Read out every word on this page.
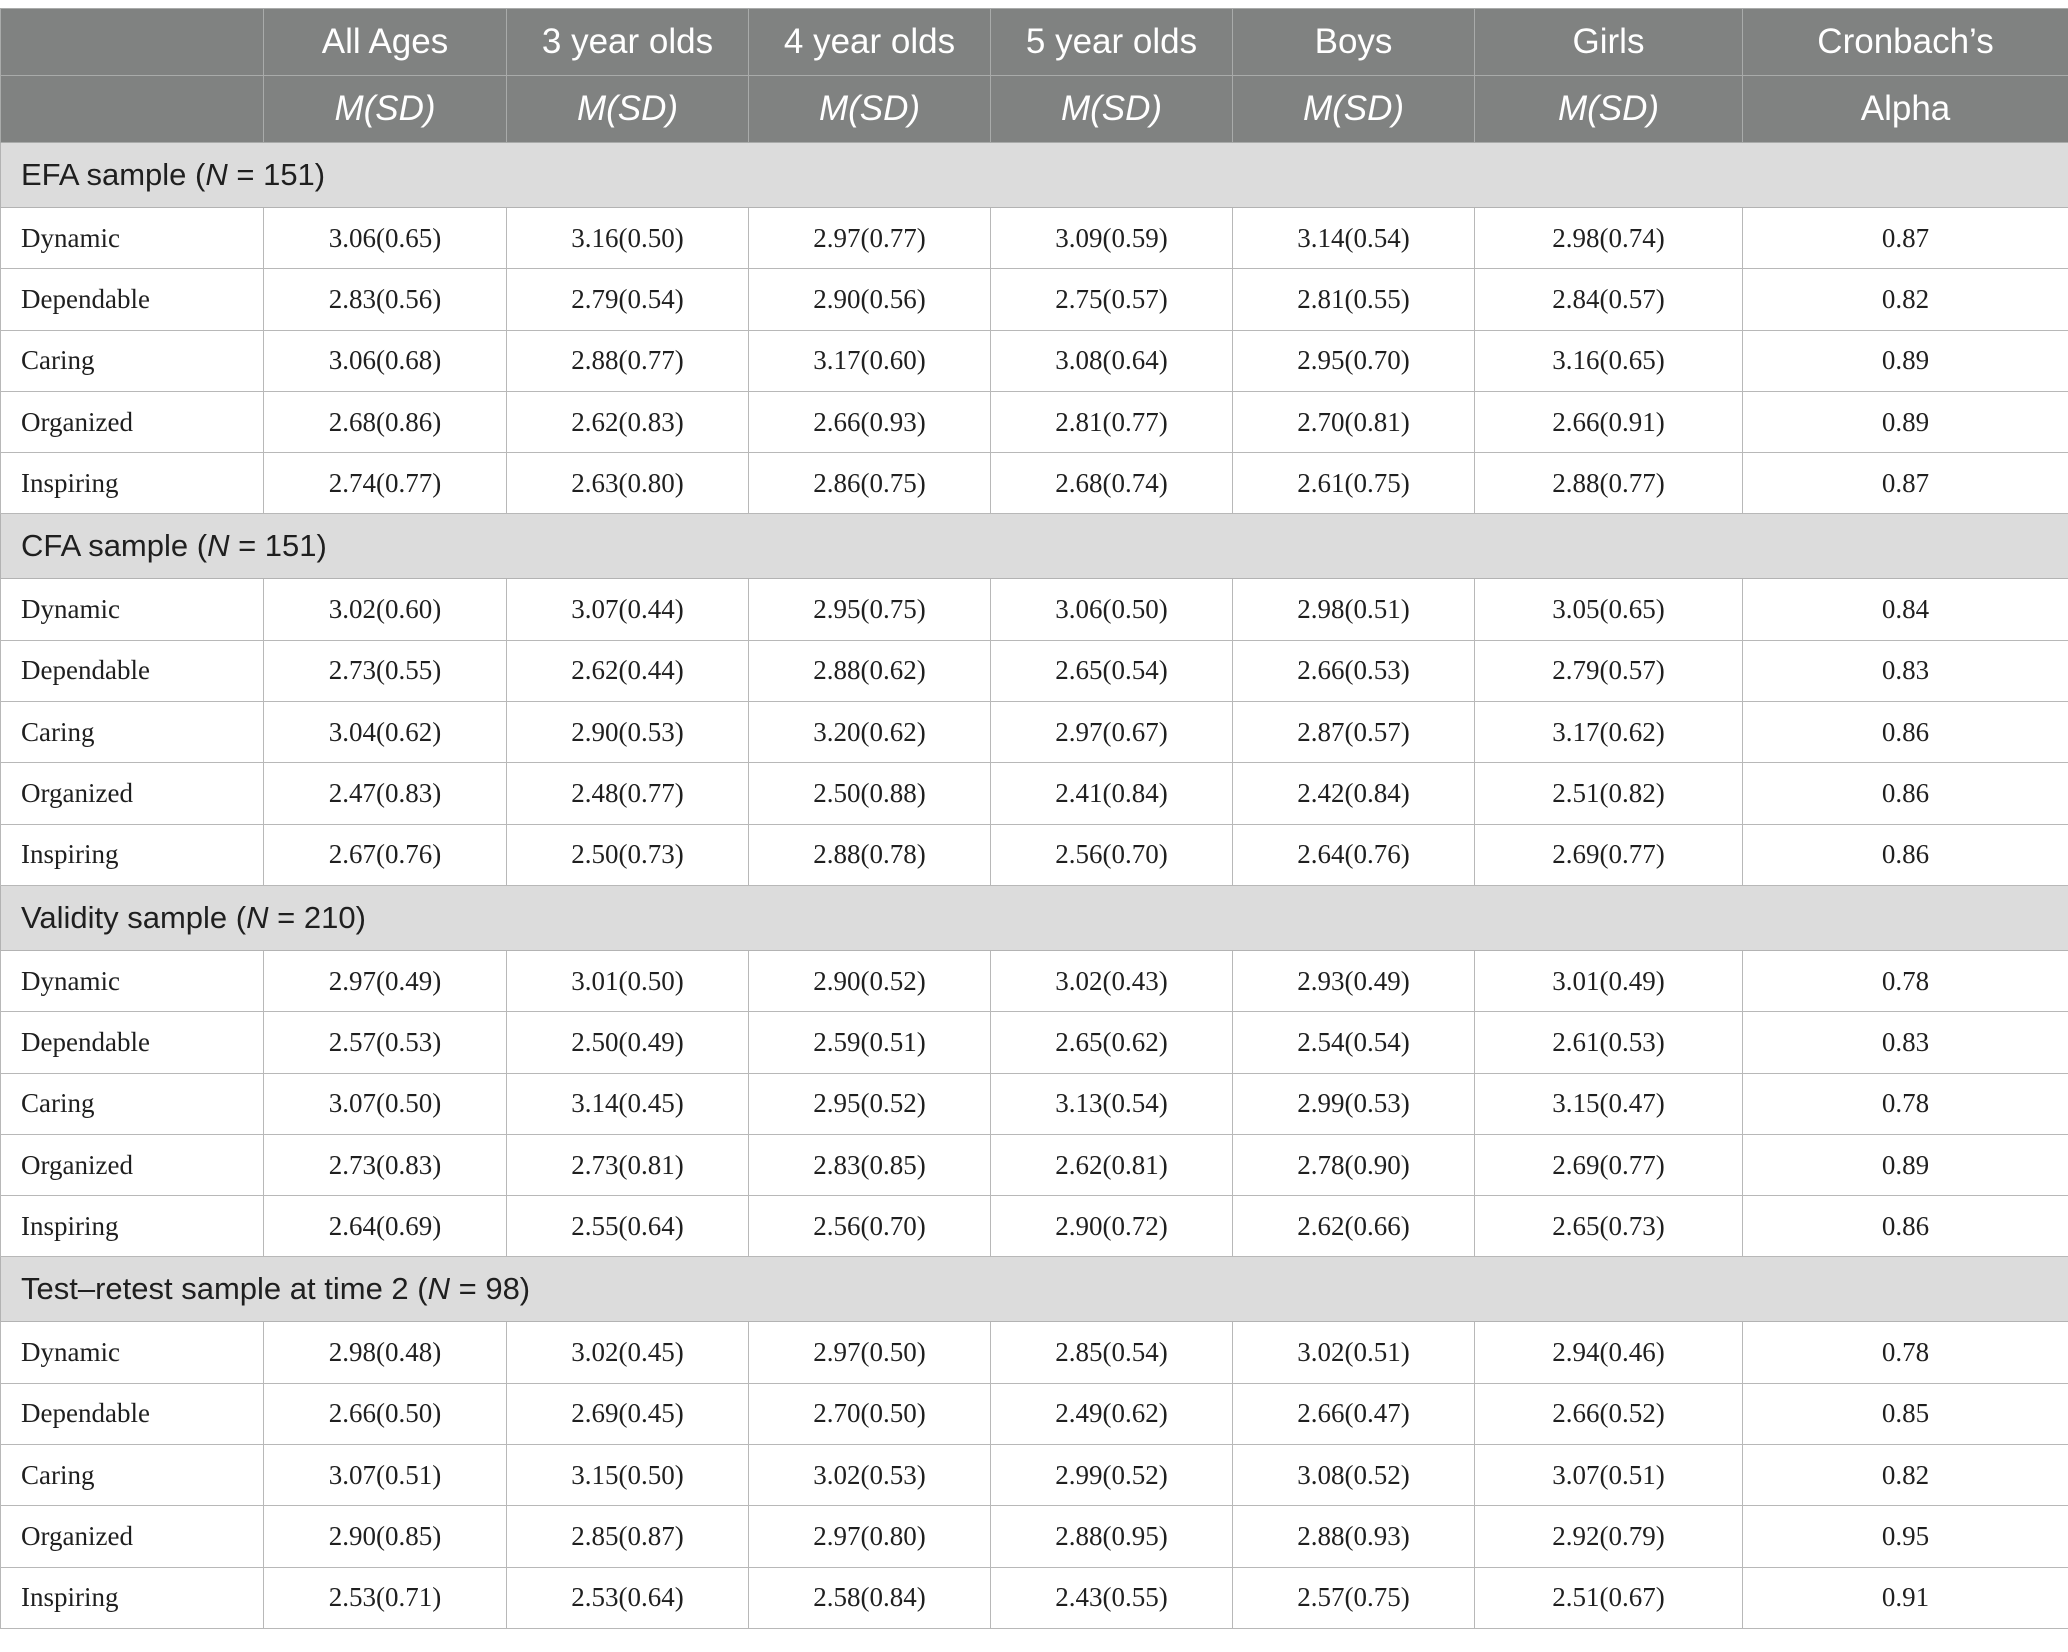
	All Ages	3 year olds	4 year olds	5 year olds	Boys	Girls	Cronbach’s
	M(SD)	M(SD)	M(SD)	M(SD)	M(SD)	M(SD)	Alpha
EFA sample (N = 151)							
Dynamic	3.06(0.65)	3.16(0.50)	2.97(0.77)	3.09(0.59)	3.14(0.54)	2.98(0.74)	0.87
Dependable	2.83(0.56)	2.79(0.54)	2.90(0.56)	2.75(0.57)	2.81(0.55)	2.84(0.57)	0.82
Caring	3.06(0.68)	2.88(0.77)	3.17(0.60)	3.08(0.64)	2.95(0.70)	3.16(0.65)	0.89
Organized	2.68(0.86)	2.62(0.83)	2.66(0.93)	2.81(0.77)	2.70(0.81)	2.66(0.91)	0.89
Inspiring	2.74(0.77)	2.63(0.80)	2.86(0.75)	2.68(0.74)	2.61(0.75)	2.88(0.77)	0.87
CFA sample (N = 151)							
Dynamic	3.02(0.60)	3.07(0.44)	2.95(0.75)	3.06(0.50)	2.98(0.51)	3.05(0.65)	0.84
Dependable	2.73(0.55)	2.62(0.44)	2.88(0.62)	2.65(0.54)	2.66(0.53)	2.79(0.57)	0.83
Caring	3.04(0.62)	2.90(0.53)	3.20(0.62)	2.97(0.67)	2.87(0.57)	3.17(0.62)	0.86
Organized	2.47(0.83)	2.48(0.77)	2.50(0.88)	2.41(0.84)	2.42(0.84)	2.51(0.82)	0.86
Inspiring	2.67(0.76)	2.50(0.73)	2.88(0.78)	2.56(0.70)	2.64(0.76)	2.69(0.77)	0.86
Validity sample (N = 210)							
Dynamic	2.97(0.49)	3.01(0.50)	2.90(0.52)	3.02(0.43)	2.93(0.49)	3.01(0.49)	0.78
Dependable	2.57(0.53)	2.50(0.49)	2.59(0.51)	2.65(0.62)	2.54(0.54)	2.61(0.53)	0.83
Caring	3.07(0.50)	3.14(0.45)	2.95(0.52)	3.13(0.54)	2.99(0.53)	3.15(0.47)	0.78
Organized	2.73(0.83)	2.73(0.81)	2.83(0.85)	2.62(0.81)	2.78(0.90)	2.69(0.77)	0.89
Inspiring	2.64(0.69)	2.55(0.64)	2.56(0.70)	2.90(0.72)	2.62(0.66)	2.65(0.73)	0.86
Test–retest sample at time 2 (N = 98)							
Dynamic	2.98(0.48)	3.02(0.45)	2.97(0.50)	2.85(0.54)	3.02(0.51)	2.94(0.46)	0.78
Dependable	2.66(0.50)	2.69(0.45)	2.70(0.50)	2.49(0.62)	2.66(0.47)	2.66(0.52)	0.85
Caring	3.07(0.51)	3.15(0.50)	3.02(0.53)	2.99(0.52)	3.08(0.52)	3.07(0.51)	0.82
Organized	2.90(0.85)	2.85(0.87)	2.97(0.80)	2.88(0.95)	2.88(0.93)	2.92(0.79)	0.95
Inspiring	2.53(0.71)	2.53(0.64)	2.58(0.84)	2.43(0.55)	2.57(0.75)	2.51(0.67)	0.91
